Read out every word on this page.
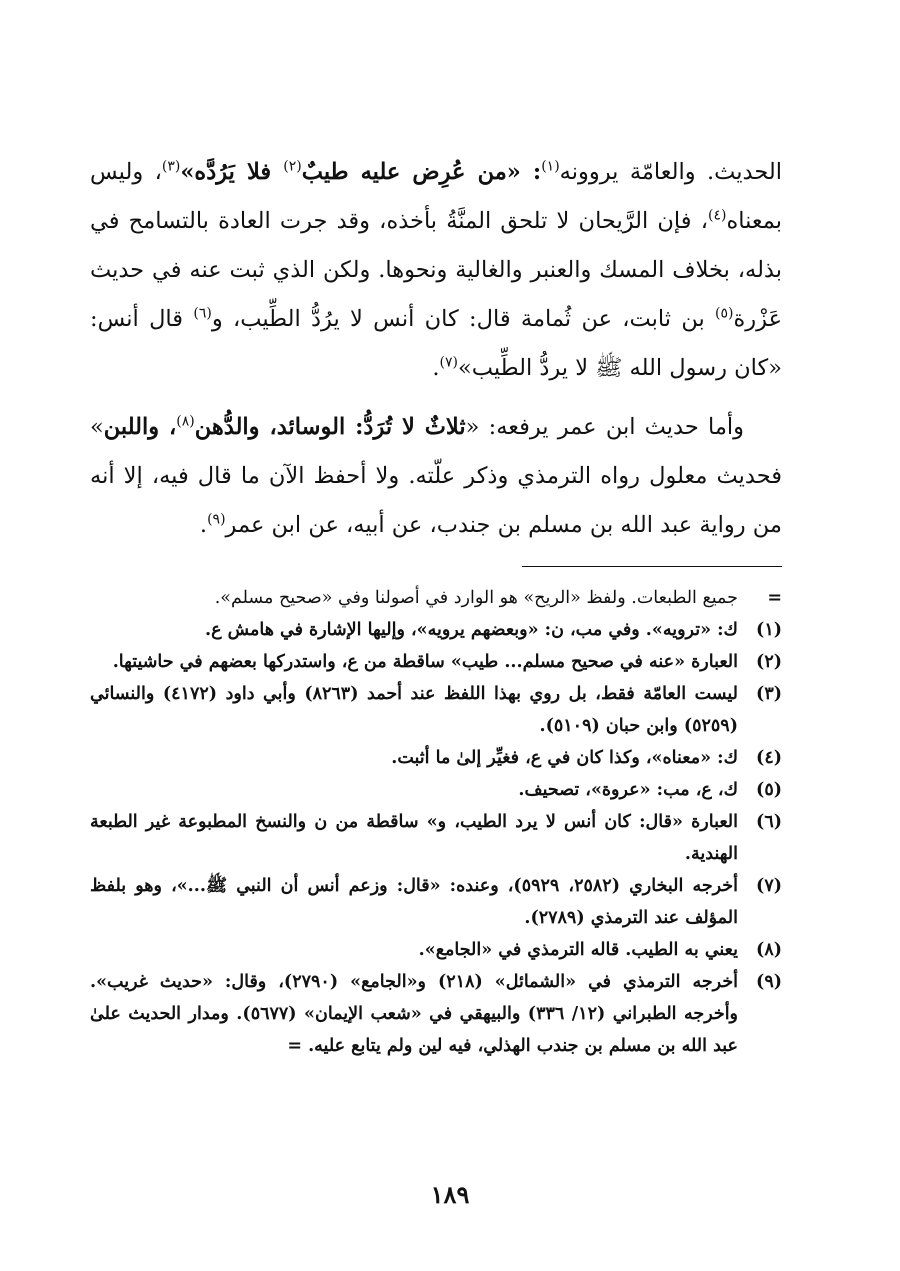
الحديث. والعامّة يروونه$^{(١)}$: «من عُرِض عليه طيبٌ$^{(٢)}$ فلا يَرُدَّه»$^{(٣)}$، وليس بمعناه$^{(٤)}$، فإن الرَّيحان لا تلحق المنَّةُ بأخذه، وقد جرت العادة بالتسامح في بذله، بخلاف المسك والعنبر والغالية ونحوها. ولكن الذي ثبت عنه في حديث عَزْرة$^{(٥)}$ بن ثابت، عن ثُمامة قال: كان أنس لا يرُدُّ الطِّيب، و$^{(٦)}$ قال أنس: «كان رسول الله ﷺ لا يردُّ الطِّيب»$^{(٧)}$.

وأما حديث ابن عمر يرفعه: «ثلاثٌ لا تُرَدُّ: الوسائد، والدُّهن$^{(٨)}$، واللبن» فحديث معلول رواه الترمذي وذكر علّته. ولا أحفظ الآن ما قال فيه، إلا أنه من رواية عبد الله بن مسلم بن جندب، عن أبيه، عن ابن عمر$^{(٩)}$.

=
جميع الطبعات. ولفظ «الريح» هو الوارد في أصولنا وفي «صحيح مسلم».
(١)
ك: «ترويه». وفي مب، ن: «وبعضهم يرويه»، وإليها الإشارة في هامش ع.
(٢)
العبارة «عنه في صحيح مسلم... طيب» ساقطة من ع، واستدركها بعضهم في حاشيتها.
(٣)
ليست العامّة فقط، بل روي بهذا اللفظ عند أحمد (٨٢٦٣) وأبي داود (٤١٧٢) والنسائي (٥٢٥٩) وابن حبان (٥١٠٩).
(٤)
ك: «معناه»، وكذا كان في ع، فغيِّر إلىٰ ما أثبت.
(٥)
ك، ع، مب: «عروة»، تصحيف.
(٦)
العبارة «قال: كان أنس لا يرد الطيب، و» ساقطة من ن والنسخ المطبوعة غير الطبعة الهندية.
(٧)
أخرجه البخاري (٢٥٨٢، ٥٩٢٩)، وعنده: «قال: وزعم أنس أن النبي ﷺ...»، وهو بلفظ المؤلف عند الترمذي (٢٧٨٩).
(٨)
يعني به الطيب. قاله الترمذي في «الجامع».
(٩)
أخرجه الترمذي في «الشمائل» (٢١٨) و«الجامع» (٢٧٩٠)، وقال: «حديث غريب». وأخرجه الطبراني (١٢/ ٣٣٦) والبيهقي في «شعب الإيمان» (٥٦٧٧). ومدار الحديث علىٰ عبد الله بن مسلم بن جندب الهذلي، فيه لين ولم يتابع عليه. =
١٨٩
